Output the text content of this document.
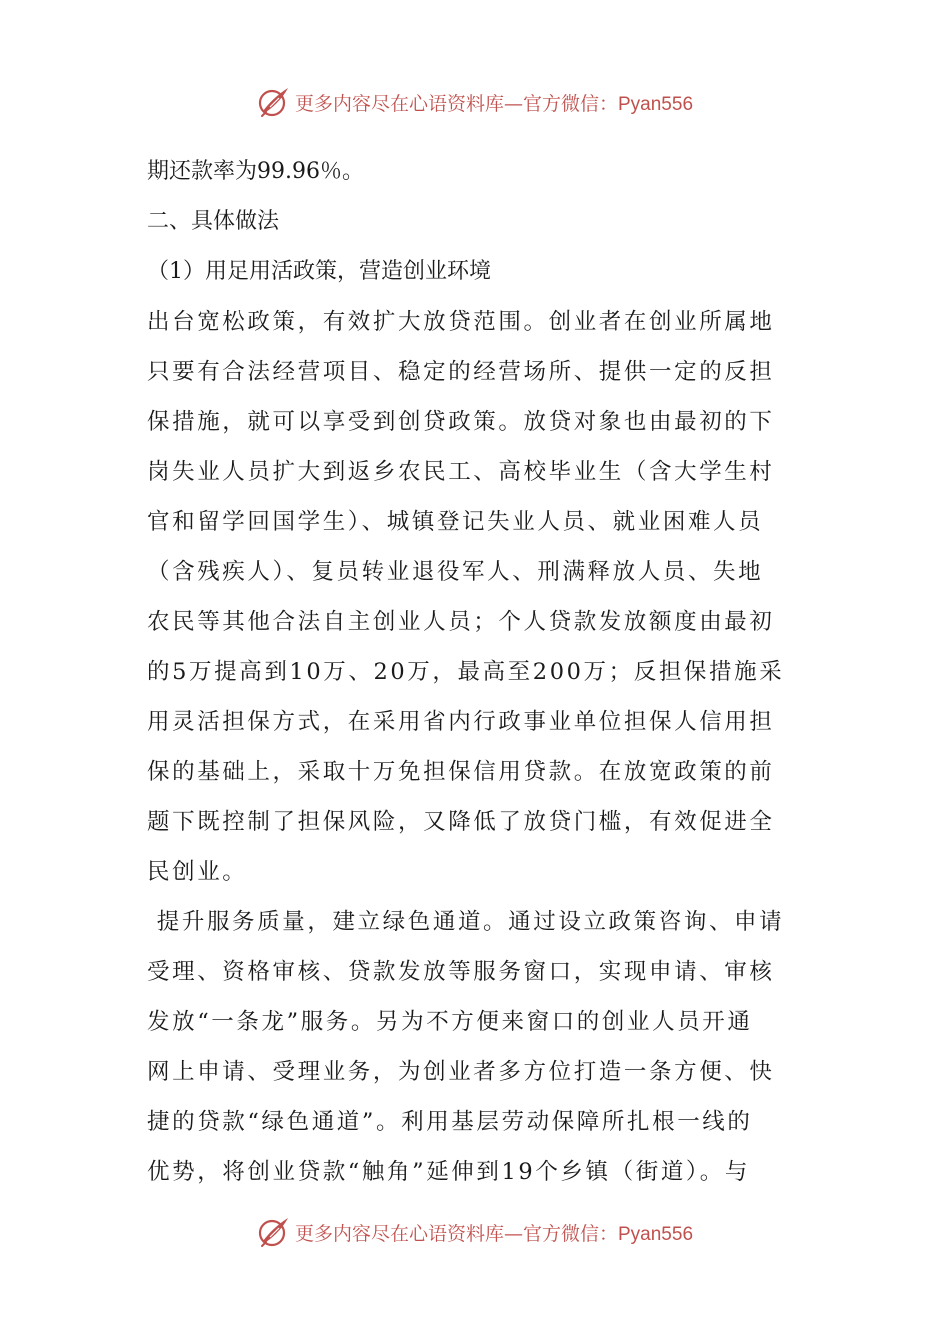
更多内容尽在心语资料库—官方微信：Pyan556
期还款率为99.96％。
二、具体做法
（1）用足用活政策，营造创业环境
出台宽松政策，有效扩大放贷范围。创业者在创业所属地
只要有合法经营项目、稳定的经营场所、提供一定的反担
保措施，就可以享受到创贷政策。放贷对象也由最初的下
岗失业人员扩大到返乡农民工、高校毕业生（含大学生村
官和留学回国学生）、城镇登记失业人员、就业困难人员
（含残疾人）、复员转业退役军人、刑满释放人员、失地
农民等其他合法自主创业人员；个人贷款发放额度由最初
的5万提高到10万、20万，最高至200万；反担保措施采
用灵活担保方式，在采用省内行政事业单位担保人信用担
保的基础上，采取十万免担保信用贷款。在放宽政策的前
题下既控制了担保风险，又降低了放贷门槛，有效促进全
民创业。
提升服务质量，建立绿色通道。通过设立政策咨询、申请
受理、资格审核、贷款发放等服务窗口，实现申请、审核
发放“一条龙”服务。另为不方便来窗口的创业人员开通
网上申请、受理业务，为创业者多方位打造一条方便、快
捷的贷款“绿色通道”。利用基层劳动保障所扎根一线的
优势，将创业贷款“触角”延伸到19个乡镇（街道）。与
更多内容尽在心语资料库—官方微信：Pyan556
